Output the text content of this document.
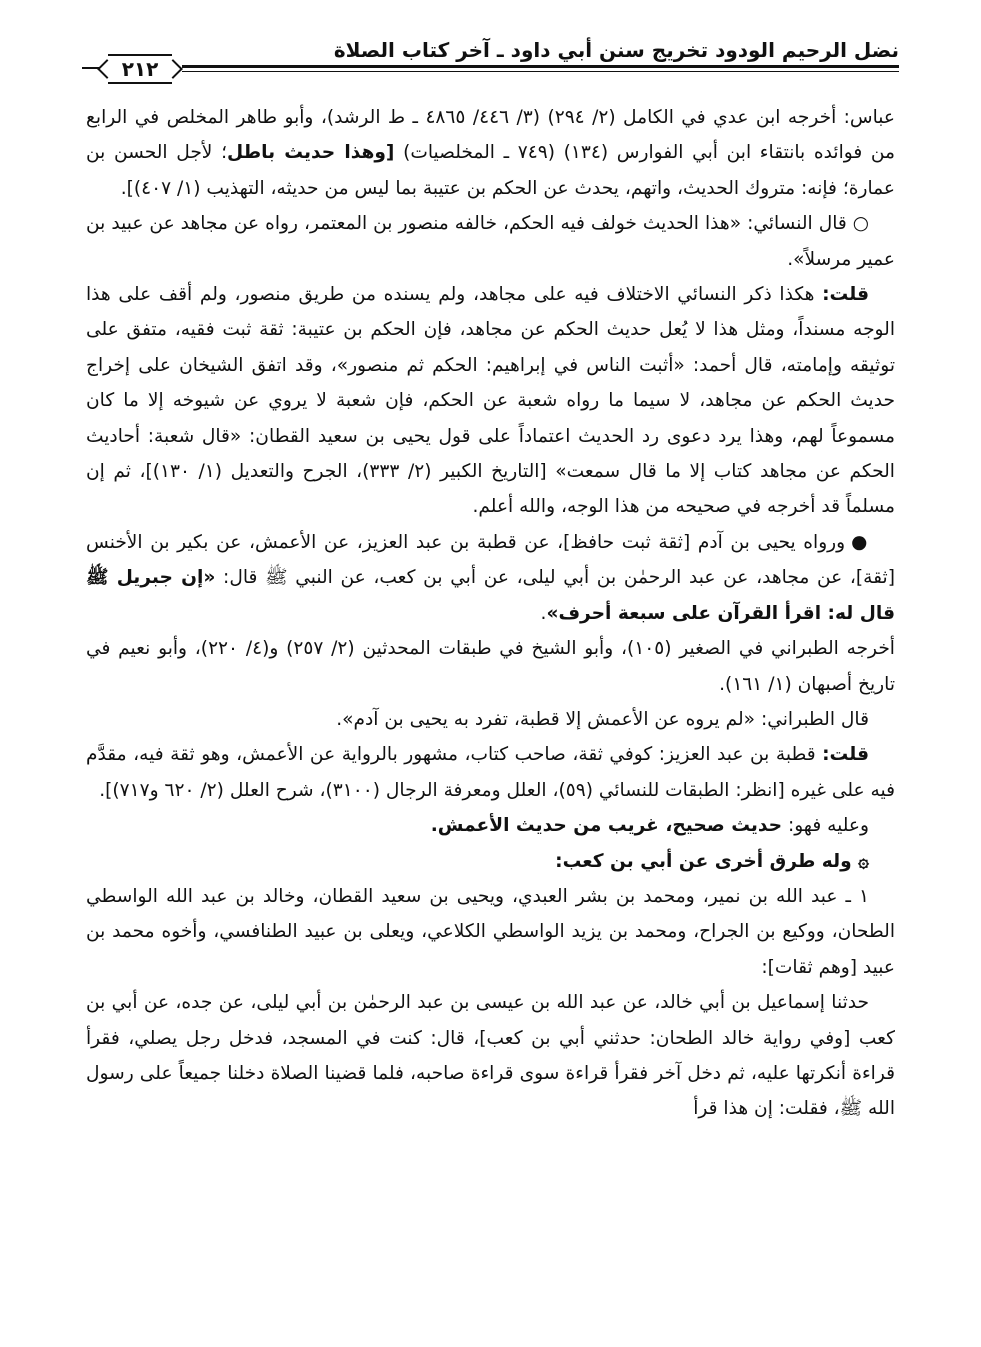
نضل الرحيم الودود تخريج سنن أبي داود ـ آخر كتاب الصلاة
٢١٢

عباس: أخرجه ابن عدي في الكامل (٢/ ٢٩٤) (٣/ ٤٤٦/ ٤٨٦٥ ـ ط الرشد)، وأبو طاهر المخلص في الرابع من فوائده بانتقاء ابن أبي الفوارس (١٣٤) (٧٤٩ ـ المخلصيات) [وهذا حديث باطل؛ لأجل الحسن بن عمارة؛ فإنه: متروك الحديث، واتهم، يحدث عن الحكم بن عتيبة بما ليس من حديثه، التهذيب (١/ ٤٠٧)].

○ قال النسائي: «هذا الحديث خولف فيه الحكم، خالفه منصور بن المعتمر، رواه عن مجاهد عن عبيد بن عمير مرسلاً».

قلت: هكذا ذكر النسائي الاختلاف فيه على مجاهد، ولم يسنده من طريق منصور، ولم أقف على هذا الوجه مسنداً، ومثل هذا لا يُعل حديث الحكم عن مجاهد، فإن الحكم بن عتيبة: ثقة ثبت فقيه، متفق على توثيقه وإمامته، قال أحمد: «أثبت الناس في إبراهيم: الحكم ثم منصور»، وقد اتفق الشيخان على إخراج حديث الحكم عن مجاهد، لا سيما ما رواه شعبة عن الحكم، فإن شعبة لا يروي عن شيوخه إلا ما كان مسموعاً لهم، وهذا يرد دعوى رد الحديث اعتماداً على قول يحيى بن سعيد القطان: «قال شعبة: أحاديث الحكم عن مجاهد كتاب إلا ما قال سمعت» [التاريخ الكبير (٢/ ٣٣٣)، الجرح والتعديل (١/ ١٣٠)]، ثم إن مسلماً قد أخرجه في صحيحه من هذا الوجه، والله أعلم.

● ورواه يحيى بن آدم [ثقة ثبت حافظ]، عن قطبة بن عبد العزيز، عن الأعمش، عن بكير بن الأخنس [ثقة]، عن مجاهد، عن عبد الرحمٰن بن أبي ليلى، عن أبي بن كعب، عن النبي ﷺ قال: «إن جبريل ﷺ قال له: اقرأ القرآن على سبعة أحرف».

أخرجه الطبراني في الصغير (١٠٥)، وأبو الشيخ في طبقات المحدثين (٢/ ٢٥٧) و(٤/ ٢٢٠)، وأبو نعيم في تاريخ أصبهان (١/ ١٦١).

قال الطبراني: «لم يروه عن الأعمش إلا قطبة، تفرد به يحيى بن آدم».

قلت: قطبة بن عبد العزيز: كوفي ثقة، صاحب كتاب، مشهور بالرواية عن الأعمش، وهو ثقة فيه، مقدَّم فيه على غيره [انظر: الطبقات للنسائي (٥٩)، العلل ومعرفة الرجال (٣١٠٠)، شرح العلل (٢/ ٦٢٠ و٧١٧)].

وعليه فهو: حديث صحيح، غريب من حديث الأعمش.

۞ وله طرق أخرى عن أبي بن كعب:

١ ـ عبد الله بن نمير، ومحمد بن بشر العبدي، ويحيى بن سعيد القطان، وخالد بن عبد الله الواسطي الطحان، ووكيع بن الجراح، ومحمد بن يزيد الواسطي الكلاعي، ويعلى بن عبيد الطنافسي، وأخوه محمد بن عبيد [وهم ثقات]:

حدثنا إسماعيل بن أبي خالد، عن عبد الله بن عيسى بن عبد الرحمٰن بن أبي ليلى، عن جده، عن أبي بن كعب [وفي رواية خالد الطحان: حدثني أبي بن كعب]، قال: كنت في المسجد، فدخل رجل يصلي، فقرأ قراءة أنكرتها عليه، ثم دخل آخر فقرأ قراءة سوى قراءة صاحبه، فلما قضينا الصلاة دخلنا جميعاً على رسول الله ﷺ، فقلت: إن هذا قرأ
